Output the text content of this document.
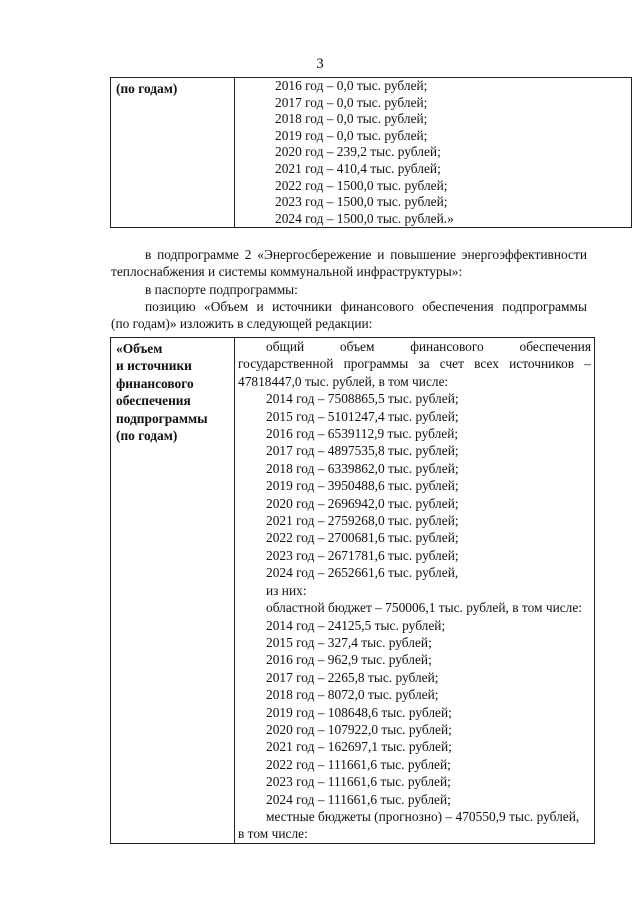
3
(по годам)	2016 год – 0,0 тыс. рублей;
2017 год – 0,0 тыс. рублей;
2018 год – 0,0 тыс. рублей;
2019 год – 0,0 тыс. рублей;
2020 год – 239,2 тыс. рублей;
2021 год – 410,4 тыс. рублей;
2022 год – 1500,0 тыс. рублей;
2023 год – 1500,0 тыс. рублей;
2024 год – 1500,0 тыс. рублей.»
в подпрограмме 2 «Энергосбережение и повышение энергоэффективности
теплоснабжения и системы коммунальной инфраструктуры»:
в паспорте подпрограммы:
позицию «Объем и источники финансового обеспечения подпрограммы
(по годам)» изложить в следующей редакции:
«Объем
и источники
финансового
обеспечения
подпрограммы
(по годам)

общий объем финансового обеспечения
государственной программы за счет всех источников –
47818447,0 тыс. рублей, в том числе:
2014 год – 7508865,5 тыс. рублей;
2015 год – 5101247,4 тыс. рублей;
2016 год – 6539112,9 тыс. рублей;
2017 год – 4897535,8 тыс. рублей;
2018 год – 6339862,0 тыс. рублей;
2019 год – 3950488,6 тыс. рублей;
2020 год – 2696942,0 тыс. рублей;
2021 год – 2759268,0 тыс. рублей;
2022 год – 2700681,6 тыс. рублей;
2023 год – 2671781,6 тыс. рублей;
2024 год – 2652661,6 тыс. рублей,
из них:
областной бюджет – 750006,1 тыс. рублей, в том числе:
2014 год – 24125,5 тыс. рублей;
2015 год – 327,4 тыс. рублей;
2016 год – 962,9 тыс. рублей;
2017 год – 2265,8 тыс. рублей;
2018 год – 8072,0 тыс. рублей;
2019 год – 108648,6 тыс. рублей;
2020 год – 107922,0 тыс. рублей;
2021 год – 162697,1 тыс. рублей;
2022 год – 111661,6 тыс. рублей;
2023 год – 111661,6 тыс. рублей;
2024 год – 111661,6 тыс. рублей;
местные бюджеты (прогнозно) – 470550,9 тыс. рублей,
в том числе:
